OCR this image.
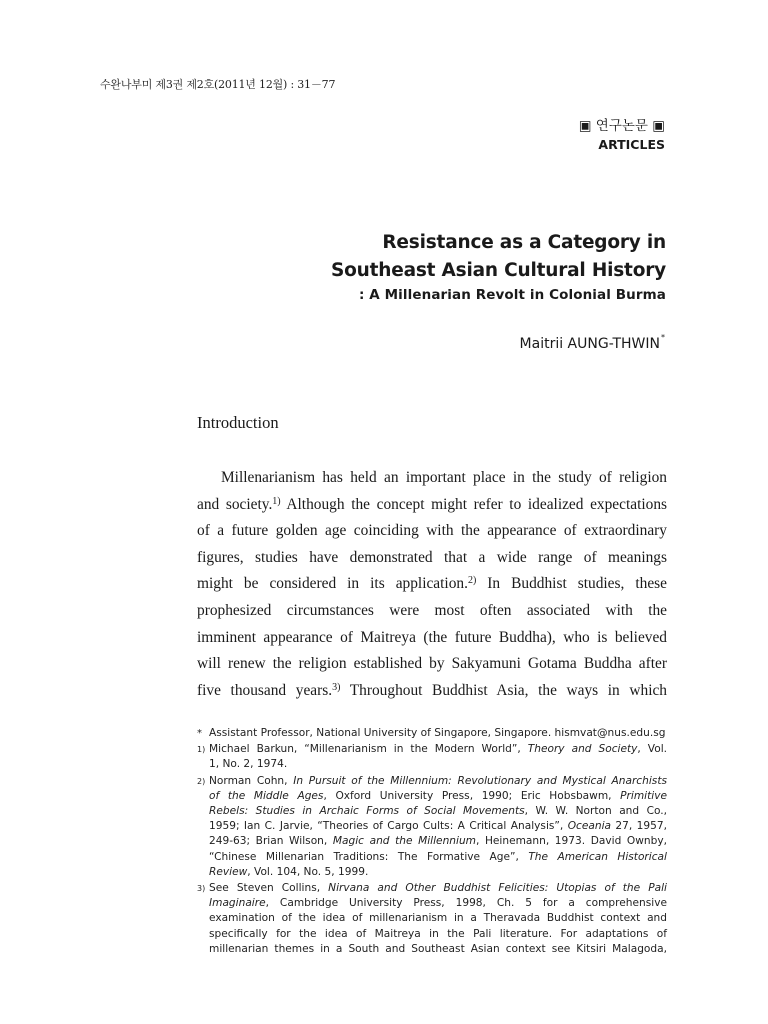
수완나부미 제3권 제2호(2011년 12월) : 31－77
▣ 연구논문 ▣
ARTICLES
Resistance as a Category in
Southeast Asian Cultural History
: A Millenarian Revolt in Colonial Burma
Maitrii AUNG-THWIN*
Introduction
Millenarianism has held an important place in the study of religion
and society.$^{1)}$ Although the concept might refer to idealized expectations
of a future golden age coinciding with the appearance of extraordinary
figures, studies have demonstrated that a wide range of meanings
might be considered in its application.$^{2)}$ In Buddhist studies, these
prophesized circumstances were most often associated with the
imminent appearance of Maitreya (the future Buddha), who is believed
will renew the religion established by Sakyamuni Gotama Buddha after
five thousand years.$^{3)}$ Throughout Buddhist Asia, the ways in which
* Assistant Professor, National University of Singapore, Singapore. hismvat@nus.edu.sg
1) Michael Barkun, “Millenarianism in the Modern World”, Theory and Society, Vol.
1, No. 2, 1974.
2) Norman Cohn, In Pursuit of the Millennium: Revolutionary and Mystical Anarchists
of the Middle Ages, Oxford University Press, 1990; Eric Hobsbawm, Primitive
Rebels: Studies in Archaic Forms of Social Movements, W. W. Norton and Co.,
1959; Ian C. Jarvie, “Theories of Cargo Cults: A Critical Analysis”, Oceania 27, 1957,
249-63; Brian Wilson, Magic and the Millennium, Heinemann, 1973. David Ownby,
“Chinese Millenarian Traditions: The Formative Age”, The American Historical
Review, Vol. 104, No. 5, 1999.
3) See Steven Collins, Nirvana and Other Buddhist Felicities: Utopias of the Pali
Imaginaire, Cambridge University Press, 1998, Ch. 5 for a comprehensive
examination of the idea of millenarianism in a Theravada Buddhist context and
specifically for the idea of Maitreya in the Pali literature. For adaptations of
millenarian themes in a South and Southeast Asian context see Kitsiri Malagoda,
